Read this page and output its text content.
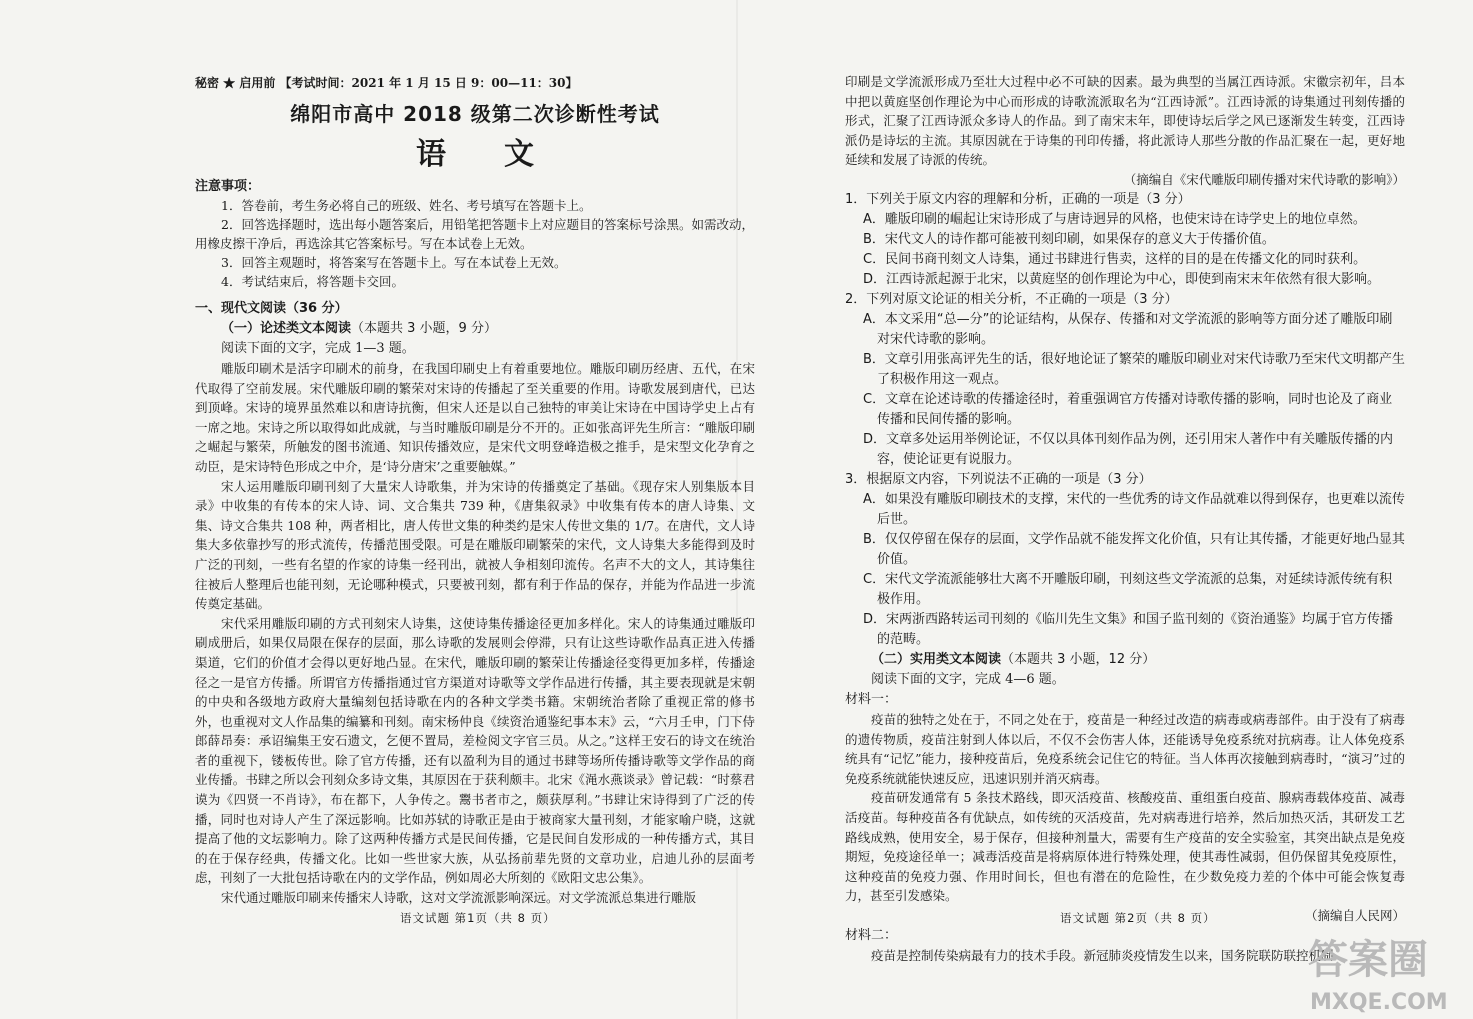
秘密 ★ 启用前 【考试时间：2021 年 1 月 15 日 9：00—11：30】
绵阳市高中 2018 级第二次诊断性考试
语文
注意事项：
1．答卷前，考生务必将自己的班级、姓名、考号填写在答题卡上。
2．回答选择题时，选出每小题答案后，用铅笔把答题卡上对应题目的答案标号涂黑。如需改动，用橡皮擦干净后，再选涂其它答案标号。写在本试卷上无效。
3．回答主观题时，将答案写在答题卡上。写在本试卷上无效。
4．考试结束后，将答题卡交回。
一、现代文阅读（36 分）
（一）论述类文本阅读（本题共 3 小题，9 分）
阅读下面的文字，完成 1—3 题。

雕版印刷术是活字印刷术的前身，在我国印刷史上有着重要地位。雕版印刷历经唐、五代，在宋代取得了空前发展。宋代雕版印刷的繁荣对宋诗的传播起了至关重要的作用。诗歌发展到唐代，已达到顶峰。宋诗的境界虽然难以和唐诗抗衡，但宋人还是以自己独特的审美让宋诗在中国诗学史上占有一席之地。宋诗之所以取得如此成就，与当时雕版印刷是分不开的。正如张高评先生所言：“雕版印刷之崛起与繁荣，所触发的图书流通、知识传播效应，是宋代文明登峰造极之推手，是宋型文化孕育之动臣，是宋诗特色形成之中介，是‘诗分唐宋’之重要触媒。”

宋人运用雕版印刷刊刻了大量宋人诗歌集，并为宋诗的传播奠定了基础。《现存宋人别集版本目录》中收集的有传本的宋人诗、词、文合集共 739 种，《唐集叙录》中收集有传本的唐人诗集、文集、诗文合集共 108 种，两者相比，唐人传世文集的种类约是宋人传世文集的 1/7。在唐代，文人诗集大多依靠抄写的形式流传，传播范围受限。可是在雕版印刷繁荣的宋代，文人诗集大多能得到及时广泛的刊刻，一些有名望的作家的诗集一经刊出，就被人争相刻印流传。名声不大的文人，其诗集往往被后人整理后也能刊刻，无论哪种模式，只要被刊刻，都有利于作品的保存，并能为作品进一步流传奠定基础。

宋代采用雕版印刷的方式刊刻宋人诗集，这使诗集传播途径更加多样化。宋人的诗集通过雕版印刷成册后，如果仅局限在保存的层面，那么诗歌的发展则会停滞，只有让这些诗歌作品真正进入传播渠道，它们的价值才会得以更好地凸显。在宋代，雕版印刷的繁荣让传播途径变得更加多样，传播途径之一是官方传播。所谓官方传播指通过官方渠道对诗歌等文学作品进行传播，其主要表现就是宋朝的中央和各级地方政府大量编刻包括诗歌在内的各种文学类书籍。宋朝统治者除了重视正常的修书外，也重视对文人作品集的编纂和刊刻。南宋杨仲良《续资治通鉴纪事本末》云，“六月壬申，门下侍郎薛昂奏：承诏编集王安石遗文，乞便不置局，差检阅文字官三员。从之。”这样王安石的诗文在统治者的重视下，镂板传世。除了官方传播，还有以盈利为目的通过书肆等场所传播诗歌等文学作品的商业传播。书肆之所以会刊刻众多诗文集，其原因在于获利颇丰。北宋《渑水燕谈录》曾记载：“时蔡君谟为《四贤一不肖诗》，布在都下，人争传之。鬻书者市之，颇获厚利。”书肆让宋诗得到了广泛的传播，同时也对诗人产生了深远影响。比如苏轼的诗歌正是由于被商家大量刊刻，才能家喻户晓，这就提高了他的文坛影响力。除了这两种传播方式是民间传播，它是民间自发形成的一种传播方式，其目的在于保存经典，传播文化。比如一些世家大族，从弘扬前辈先贤的文章功业，启迪儿孙的层面考虑，刊刻了一大批包括诗歌在内的文学作品，例如周必大所刻的《欧阳文忠公集》。

宋代通过雕版印刷来传播宋人诗歌，这对文学流派影响深远。对文学流派总集进行雕版

语文试题 第1页（共 8 页）

印刷是文学流派形成乃至壮大过程中必不可缺的因素。最为典型的当属江西诗派。宋徽宗初年，吕本中把以黄庭坚创作理论为中心而形成的诗歌流派取名为“江西诗派”。江西诗派的诗集通过刊刻传播的形式，汇聚了江西诗派众多诗人的作品。到了南宋末年，即使诗坛后学之风已逐渐发生转变，江西诗派仍是诗坛的主流。其原因就在于诗集的刊印传播，将此派诗人那些分散的作品汇聚在一起，更好地延续和发展了诗派的传统。

（摘编自《宋代雕版印刷传播对宋代诗歌的影响》）
1．下列关于原文内容的理解和分析，正确的一项是（3 分）
A．雕版印刷的崛起让宋诗形成了与唐诗迥异的风格，也使宋诗在诗学史上的地位卓然。
B．宋代文人的诗作都可能被刊刻印刷，如果保存的意义大于传播价值。
C．民间书商刊刻文人诗集，通过书肆进行售卖，这样的目的是在传播文化的同时获利。
D．江西诗派起源于北宋，以黄庭坚的创作理论为中心，即使到南宋末年依然有很大影响。
2．下列对原文论证的相关分析，不正确的一项是（3 分）
A．本文采用“总—分”的论证结构，从保存、传播和对文学流派的影响等方面分述了雕版印刷对宋代诗歌的影响。
B．文章引用张高评先生的话，很好地论证了繁荣的雕版印刷业对宋代诗歌乃至宋代文明都产生了积极作用这一观点。
C．文章在论述诗歌的传播途径时，着重强调官方传播对诗歌传播的影响，同时也论及了商业传播和民间传播的影响。
D．文章多处运用举例论证，不仅以具体刊刻作品为例，还引用宋人著作中有关雕版传播的内容，使论证更有说服力。
3．根据原文内容，下列说法不正确的一项是（3 分）
A．如果没有雕版印刷技术的支撑，宋代的一些优秀的诗文作品就难以得到保存，也更难以流传后世。
B．仅仅停留在保存的层面，文学作品就不能发挥文化价值，只有让其传播，才能更好地凸显其价值。
C．宋代文学流派能够壮大离不开雕版印刷，刊刻这些文学流派的总集，对延续诗派传统有积极作用。
D．宋两浙西路转运司刊刻的《临川先生文集》和国子监刊刻的《资治通鉴》均属于官方传播的范畴。
（二）实用类文本阅读（本题共 3 小题，12 分）
阅读下面的文字，完成 4—6 题。
材料一：

疫苗的独特之处在于，不同之处在于，疫苗是一种经过改造的病毒或病毒部件。由于没有了病毒的遗传物质，疫苗注射到人体以后，不仅不会伤害人体，还能诱导免疫系统对抗病毒。让人体免疫系统具有“记忆”能力，接种疫苗后，免疫系统会记住它的特征。当人体再次接触到病毒时，“演习”过的免疫系统就能快速反应，迅速识别并消灭病毒。

疫苗研发通常有 5 条技术路线，即灭活疫苗、核酸疫苗、重组蛋白疫苗、腺病毒载体疫苗、减毒活疫苗。每种疫苗各有优缺点，如传统的灭活疫苗，先对病毒进行培养，然后加热灭活，其研发工艺路线成熟，使用安全，易于保存，但接种剂量大，需要有生产疫苗的安全实验室，其突出缺点是免疫期短，免疫途径单一；减毒活疫苗是将病原体进行特殊处理，使其毒性减弱，但仍保留其免疫原性，这种疫苗的免疫力强、作用时间长，但也有潜在的危险性，在少数免疫力差的个体中可能会恢复毒力，甚至引发感染。

（摘编自人民网）
材料二：

疫苗是控制传染病最有力的技术手段。新冠肺炎疫情发生以来，国务院联防联控机制

语文试题 第2页（共 8 页）
答案圈
MXQE.COM
